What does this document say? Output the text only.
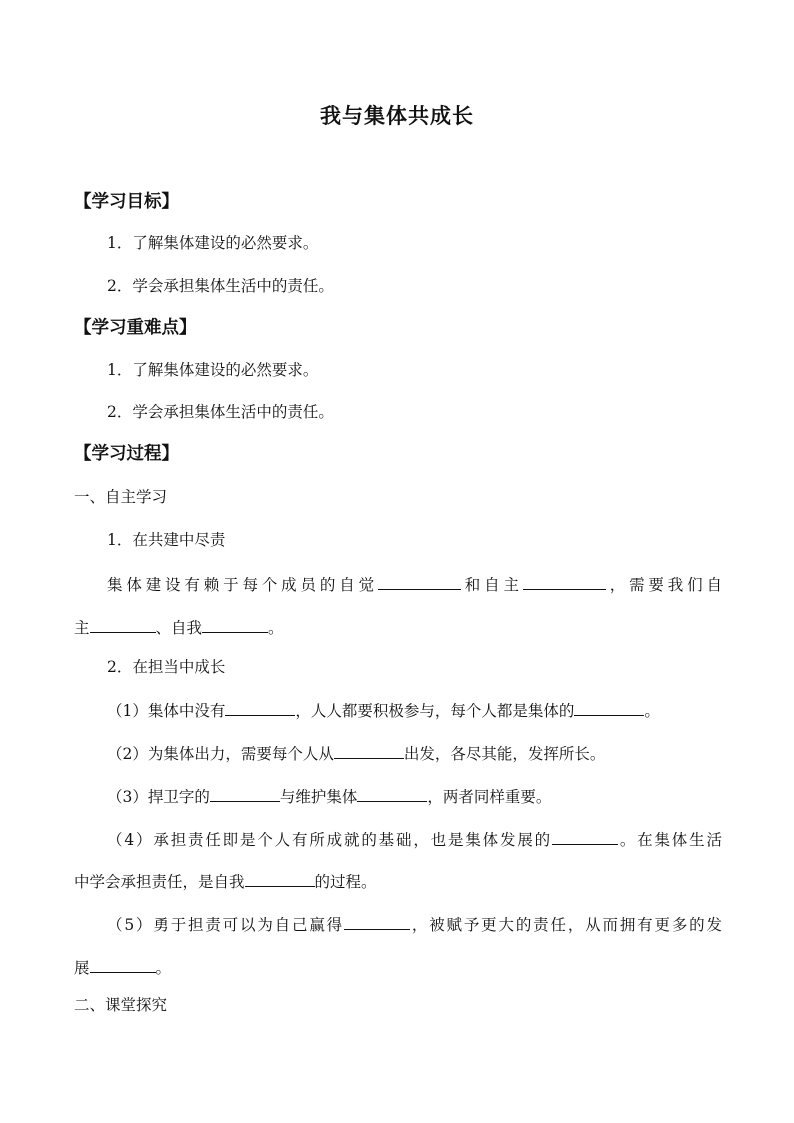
我与集体共成长
【学习目标】
1．了解集体建设的必然要求。
2．学会承担集体生活中的责任。
【学习重难点】
1．了解集体建设的必然要求。
2．学会承担集体生活中的责任。
【学习过程】
一、自主学习
1．在共建中尽责
集体建设有赖于每个成员的自觉	和自主	，需要我们自
主	、自我	。
2．在担当中成长
（1）集体中没有	，人人都要积极参与，每个人都是集体的	。
（2）为集体出力，需要每个人从	出发，各尽其能，发挥所长。
（3）捍卫字的	与维护集体	，两者同样重要。
（4）承担责任即是个人有所成就的基础，也是集体发展的	。在集体生活
中学会承担责任，是自我	的过程。
（5）勇于担责可以为自己赢得	，被赋予更大的责任，从而拥有更多的发
展	。
二、课堂探究
